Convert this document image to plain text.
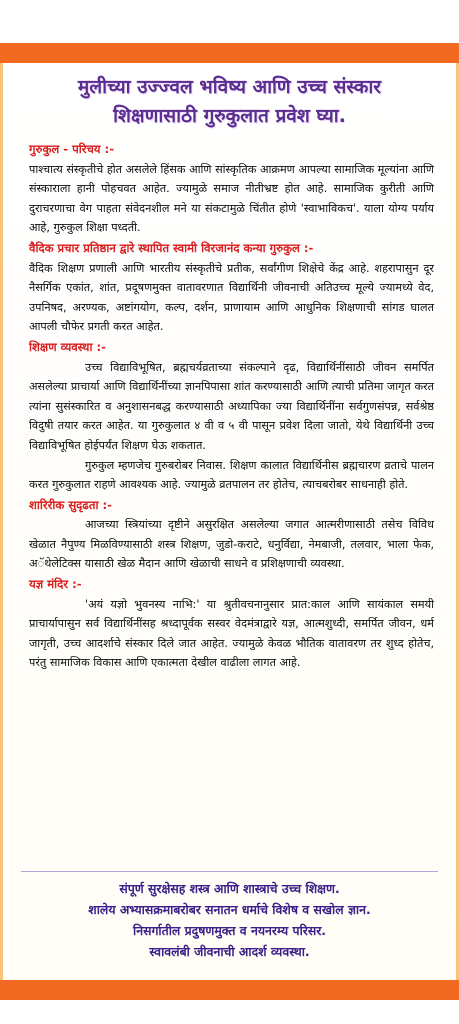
मुलीच्या उज्ज्वल भविष्य आणि उच्च संस्कार
शिक्षणासाठी गुरुकुलात प्रवेश घ्या.
गुरुकुल - परिचय :-

पाश्चात्य संस्कृतीचे होत असलेले हिंसक आणि सांस्कृतिक आक्रमण आपल्या सामाजिक मूल्यांना आणि संस्काराला हानी पोहचवत आहेत. ज्यामुळे समाज नीतीभ्रष्ट होत आहे. सामाजिक कुरीती आणि दुराचरणाचा वेग पाहता संवेदनशील मने या संकटामुळे चिंतीत होणे 'स्वाभाविकच'. याला योग्य पर्याय आहे, गुरुकुल शिक्षा पध्दती.

वैदिक प्रचार प्रतिष्ठान द्वारे स्थापित स्वामी विरजानंद कन्या गुरुकुल :-

वैदिक शिक्षण प्रणाली आणि भारतीय संस्कृतीचे प्रतीक, सर्वांगीण शिक्षेचे केंद्र आहे. शहरापासुन दूर नैसर्गिक एकांत, शांत, प्रदूषणमुक्त वातावरणात विद्यार्थिनी जीवनाची अतिउच्च मूल्ये ज्यामध्ये वेद, उपनिषद, अरण्यक, अष्टांगयोग, कल्प, दर्शन, प्राणायाम आणि आधुनिक शिक्षणाची सांगड घालत आपली चौफेर प्रगती करत आहेत.

शिक्षण व्यवस्था :-

उच्च विद्याविभूषित, ब्रह्मचर्यव्रताच्या संकल्पाने दृढ, विद्यार्थिनींसाठी जीवन समर्पित असलेल्या प्राचार्या आणि विद्यार्थिनींच्या ज्ञानपिपासा शांत करण्यासाठी आणि त्याची प्रतिमा जागृत करत त्यांना सुसंस्कारित व अनुशासनबद्ध करण्यासाठी अध्यापिका ज्या विद्यार्थिनींना सर्वगुणसंपन्न, सर्वश्रेष्ठ विदुषी तयार करत आहेत. या गुरुकुलात ४ वी व ५ वी पासून प्रवेश दिला जातो, येथे विद्यार्थिनी उच्च विद्याविभूषित होईपर्यंत शिक्षण घेऊ शकतात.

गुरुकुल म्हणजेच गुरुबरोबर निवास. शिक्षण कालात विद्यार्थिनीस ब्रह्मचारण व्रताचे पालन करत गुरुकुलात राहणे आवश्यक आहे. ज्यामुळे व्रतपालन तर होतेच, त्याचबरोबर साधनाही होते.

शारिरीक सुदृढता :-

आजच्या स्त्रियांच्या दृष्टीने असुरक्षित असलेल्या जगात आत्मरीणासाठी तसेच विविध खेळात नैपुण्य मिळविण्यासाठी शस्त्र शिक्षण, जुडो-कराटे, धनुर्विद्या, नेमबाजी, तलवार, भाला फेक, अॅथेलेटिक्स यासाठी खेळ मैदान आणि खेळाची साधने व प्रशिक्षणाची व्यवस्था.

यज्ञ मंदिर :-

'अयं यज्ञो भुवनस्य नाभि:' या श्रुतीवचनानुसार प्रात:काल आणि सायंकाल समयी प्राचार्यापासुन सर्व विद्यार्थिनींसह श्रध्दापूर्वक सस्वर वेदमंत्राद्वारे यज्ञ, आत्मशुध्दी, समर्पित जीवन, धर्म जागृती, उच्च आदर्शाचे संस्कार दिले जात आहेत. ज्यामुळे केवळ भौतिक वातावरण तर शुध्द होतेच, परंतु सामाजिक विकास आणि एकात्मता देखील वाढीला लागत आहे.

संपूर्ण सुरक्षेसह शस्त्र आणि शास्त्राचे उच्च शिक्षण.
शालेय अभ्यासक्रमाबरोबर सनातन धर्माचे विशेष व सखोल ज्ञान.
निसर्गातील प्रदुषणमुक्त व नयनरम्य परिसर.
स्वावलंबी जीवनाची आदर्श व्यवस्था.
